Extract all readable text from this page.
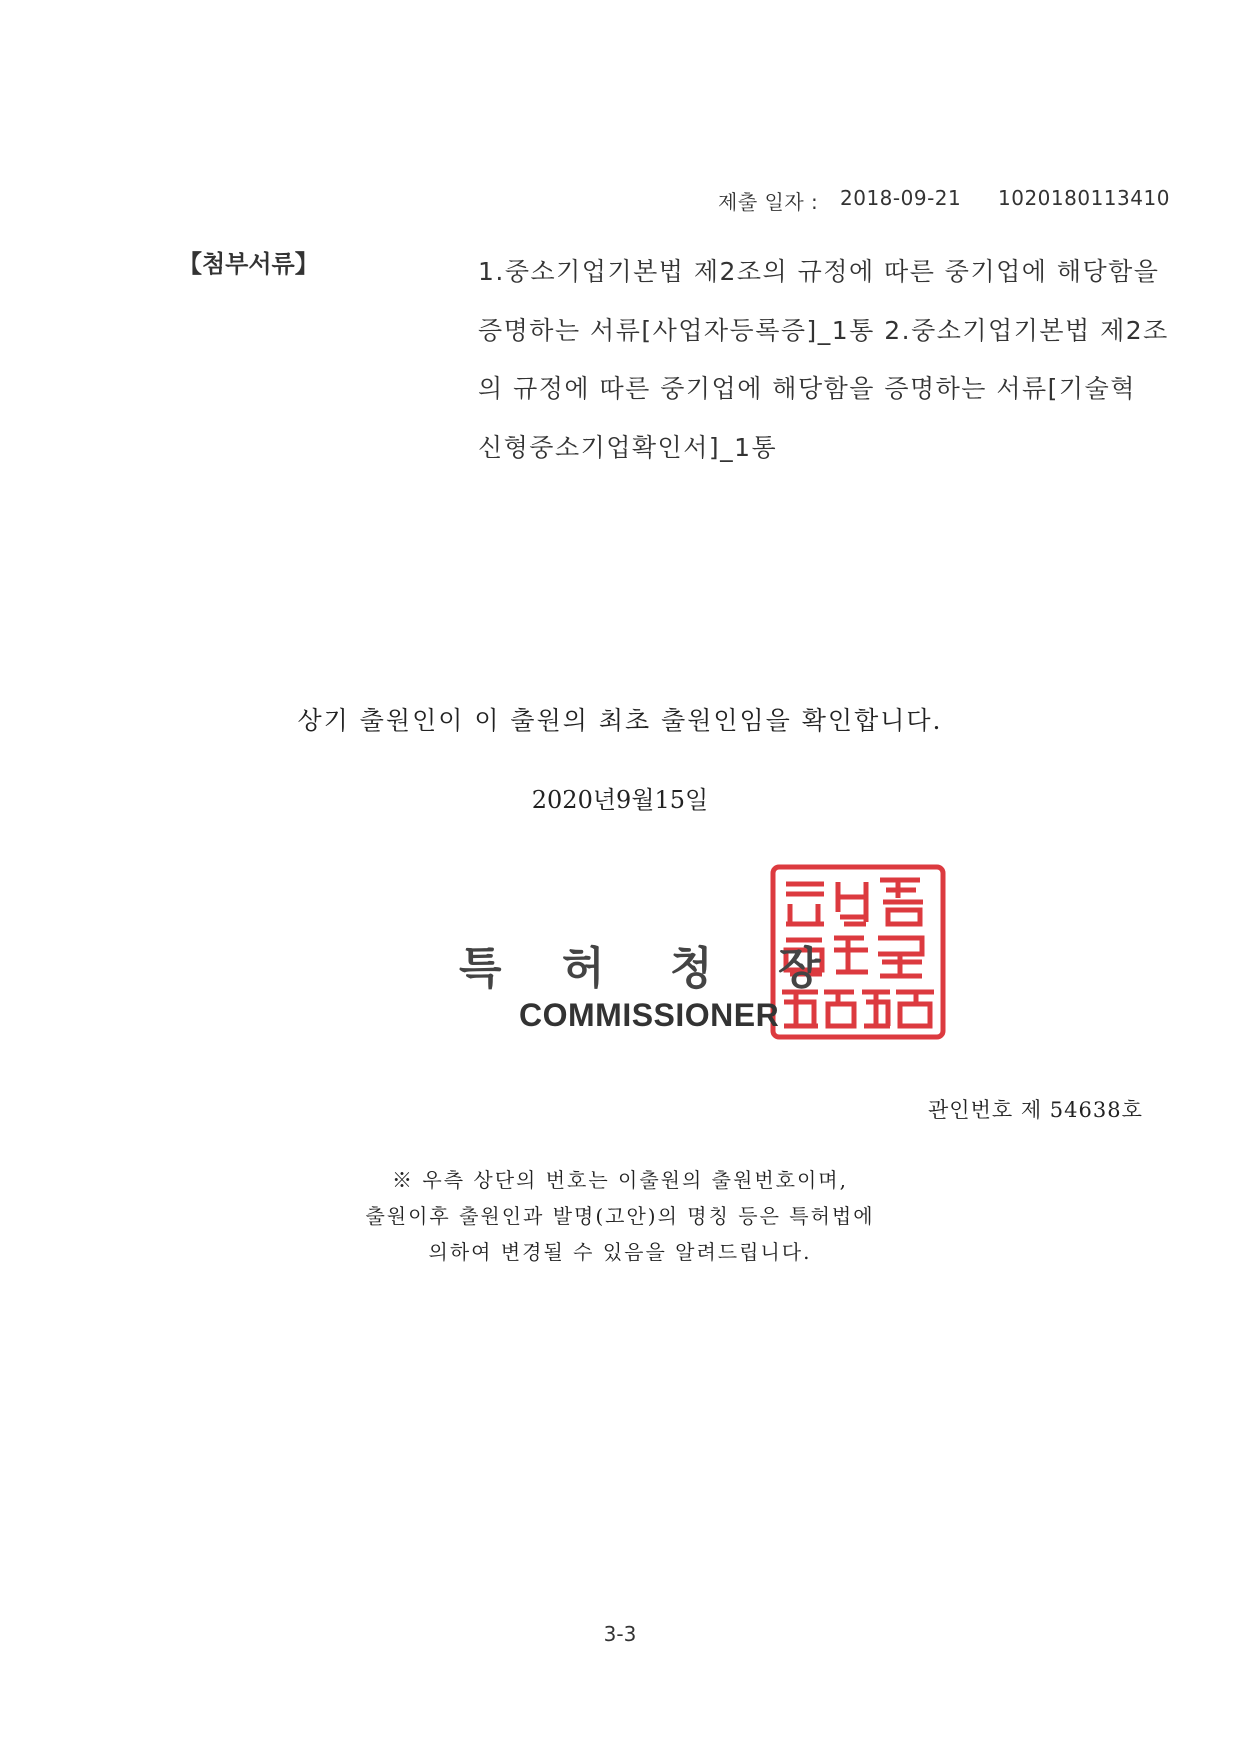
제출 일자 : 2018-09-21 1020180113410
【첨부서류】	1.중소기업기본법 제2조의 규정에 따른 중기업에 해당함을
증명하는 서류[사업자등록증]_1통 2.중소기업기본법 제2조
의 규정에 따른 중기업에 해당함을 증명하는 서류[기술혁
신형중소기업확인서]_1통
상기 출원인이 이 출원의 최초 출원인임을 확인합니다.
2020년9월15일
특 허 청 장
COMMISSIONER
관인번호 제 54638호
※ 우측 상단의 번호는 이출원의 출원번호이며,
출원이후 출원인과 발명(고안)의 명칭 등은 특허법에
의하여 변경될 수 있음을 알려드립니다.
3-3
